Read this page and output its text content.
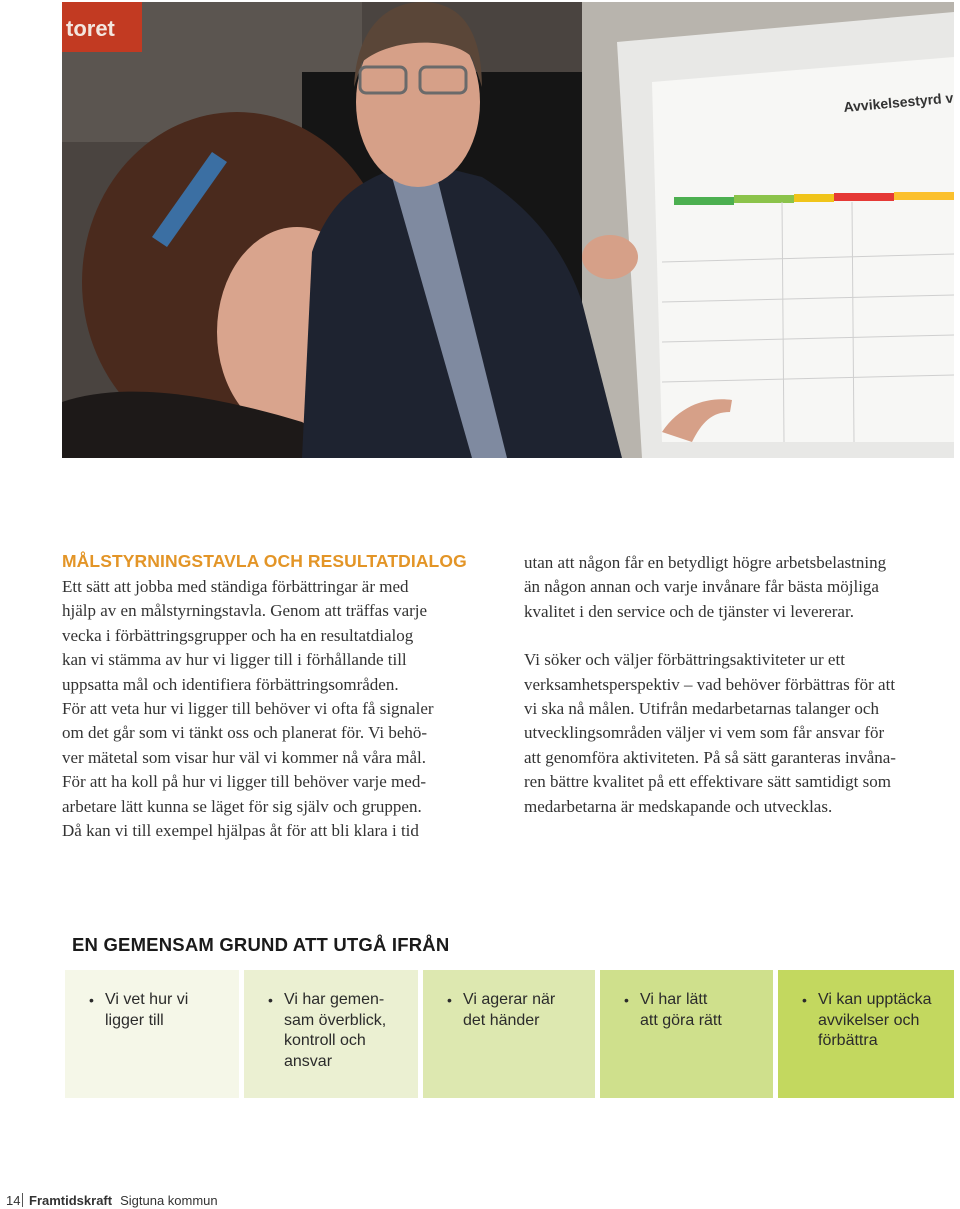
toret
Avvikelsestyrd v
MÅLSTYRNINGSTAVLA OCH RESULTATDIALOG

Ett sätt att jobba med ständiga förbättringar är med
hjälp av en målstyrningstavla. Genom att träffas varje
vecka i förbättringsgrupper och ha en resultatdialog
kan vi stämma av hur vi ligger till i förhållande till
uppsatta mål och identifiera förbättringsområden.
För att veta hur vi ligger till behöver vi ofta få signaler
om det går som vi tänkt oss och planerat för. Vi behö-
ver mätetal som visar hur väl vi kommer nå våra mål.
För att ha koll på hur vi ligger till behöver varje med-
arbetare lätt kunna se läget för sig själv och gruppen.
Då kan vi till exempel hjälpas åt för att bli klara i tid

utan att någon får en betydligt högre arbetsbelastning
än någon annan och varje invånare får bästa möjliga
kvalitet i den service och de tjänster vi levererar.

Vi söker och väljer förbättringsaktiviteter ur ett
verksamhetsperspektiv – vad behöver förbättras för att
vi ska nå målen. Utifrån medarbetarnas talanger och
utvecklingsområden väljer vi vem som får ansvar för
att genomföra aktiviteten. På så sätt garanteras invåna-
ren bättre kvalitet på ett effektivare sätt samtidigt som
medarbetarna är medskapande och utvecklas.

EN GEMENSAM GRUND ATT UTGÅ IFRÅN
• Vi vet hur vi
ligger till
• Vi har gemen-
sam överblick,
kontroll och
ansvar
• Vi agerar när
det händer
• Vi har lätt
att göra rätt
• Vi kan upptäcka
avvikelser och
förbättra
14 Framtidskraft Sigtuna kommun
